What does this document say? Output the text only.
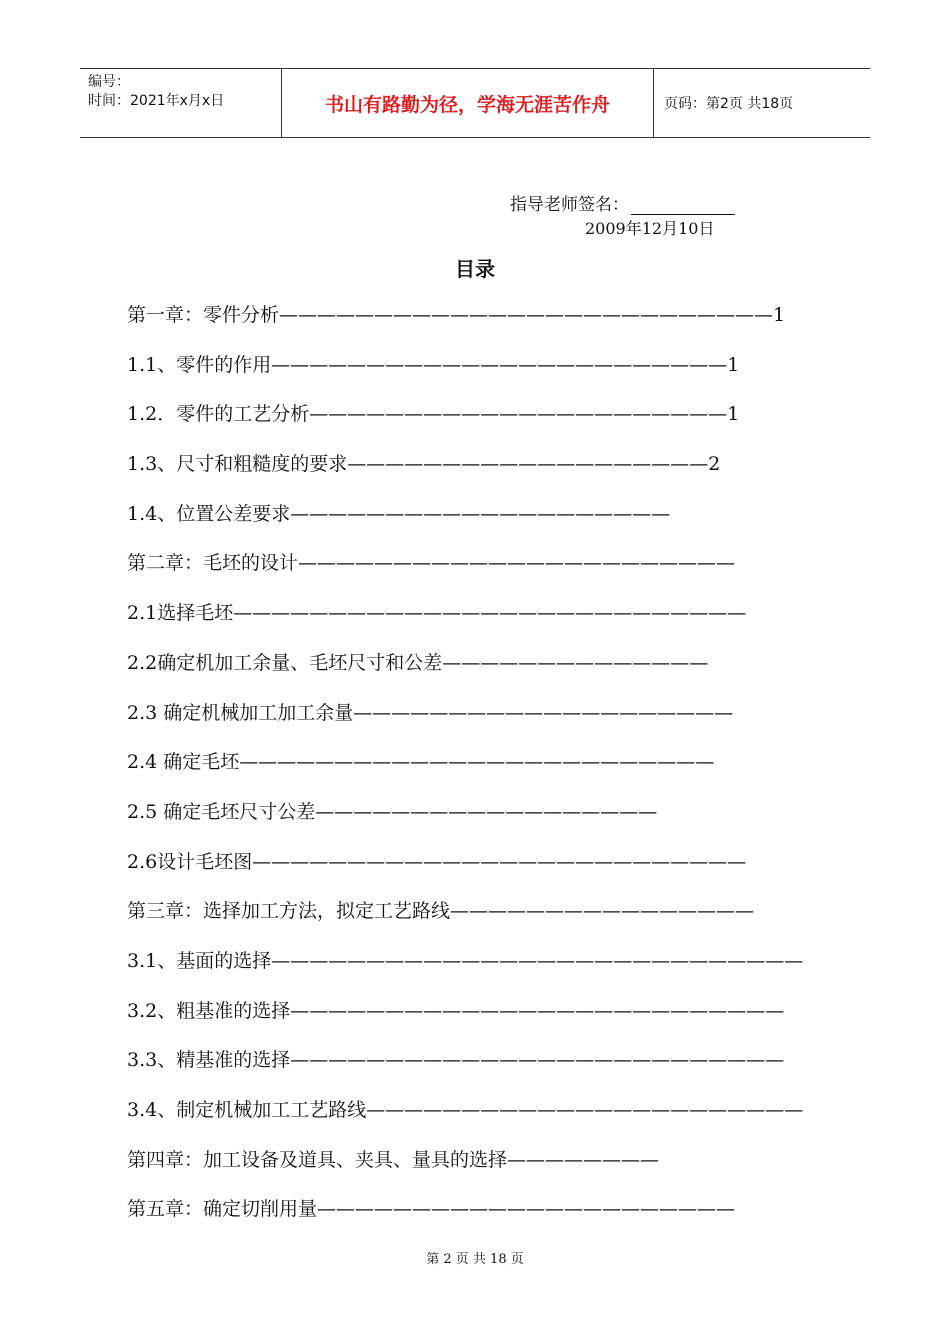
编号：
时间：2021年x月x日	书山有路勤为径，学海无涯苦作舟	页码：第2页 共18页
指导老师签名：
2009年12月10日
目录
第一章：零件分析——————————————————————————1
1.1、零件的作用————————————————————————1
1.2．零件的工艺分析——————————————————————1
1.3、尺寸和粗糙度的要求———————————————————2
1.4、位置公差要求————————————————————
第二章：毛坯的设计———————————————————————
2.1选择毛坯———————————————————————————
2.2确定机加工余量、毛坯尺寸和公差——————————————
2.3 确定机械加工加工余量————————————————————
2.4 确定毛坯—————————————————————————
2.5 确定毛坯尺寸公差——————————————————
2.6设计毛坯图——————————————————————————
第三章：选择加工方法，拟定工艺路线————————————————
3.1、基面的选择————————————————————————————
3.2、粗基准的选择——————————————————————————
3.3、精基准的选择——————————————————————————
3.4、制定机械加工工艺路线———————————————————————
第四章：加工设备及道具、夹具、量具的选择————————
第五章：确定切削用量——————————————————————
第 2 页 共 18 页
